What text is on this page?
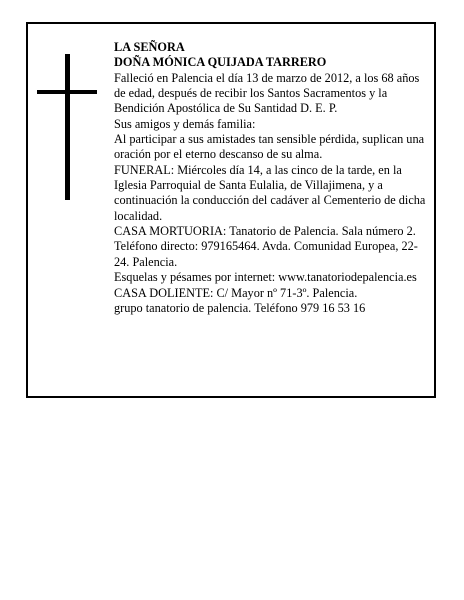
LA SEÑORA

DOÑA MÓNICA QUIJADA TARRERO

Falleció en Palencia el día 13 de marzo de 2012, a los 68 años de edad, después de recibir los Santos Sacramentos y la Bendición Apostólica de Su Santidad D. E. P.

Sus amigos y demás familia:

Al participar a sus amistades tan sensible pérdida, suplican una oración por el eterno descanso de su alma.

FUNERAL: Miércoles día 14, a las cinco de la tarde, en la Iglesia Parroquial de Santa Eulalia, de Villajimena, y a continuación la conducción del cadáver al Cementerio de dicha localidad.

CASA MORTUORIA: Tanatorio de Palencia. Sala número 2. Teléfono directo: 979165464. Avda. Comunidad Europea, 22-24. Palencia.

Esquelas y pésames por internet: www.tanatoriodepalencia.es

CASA DOLIENTE: C/ Mayor nº 71-3º. Palencia.

grupo tanatorio de palencia. Teléfono 979 16 53 16
